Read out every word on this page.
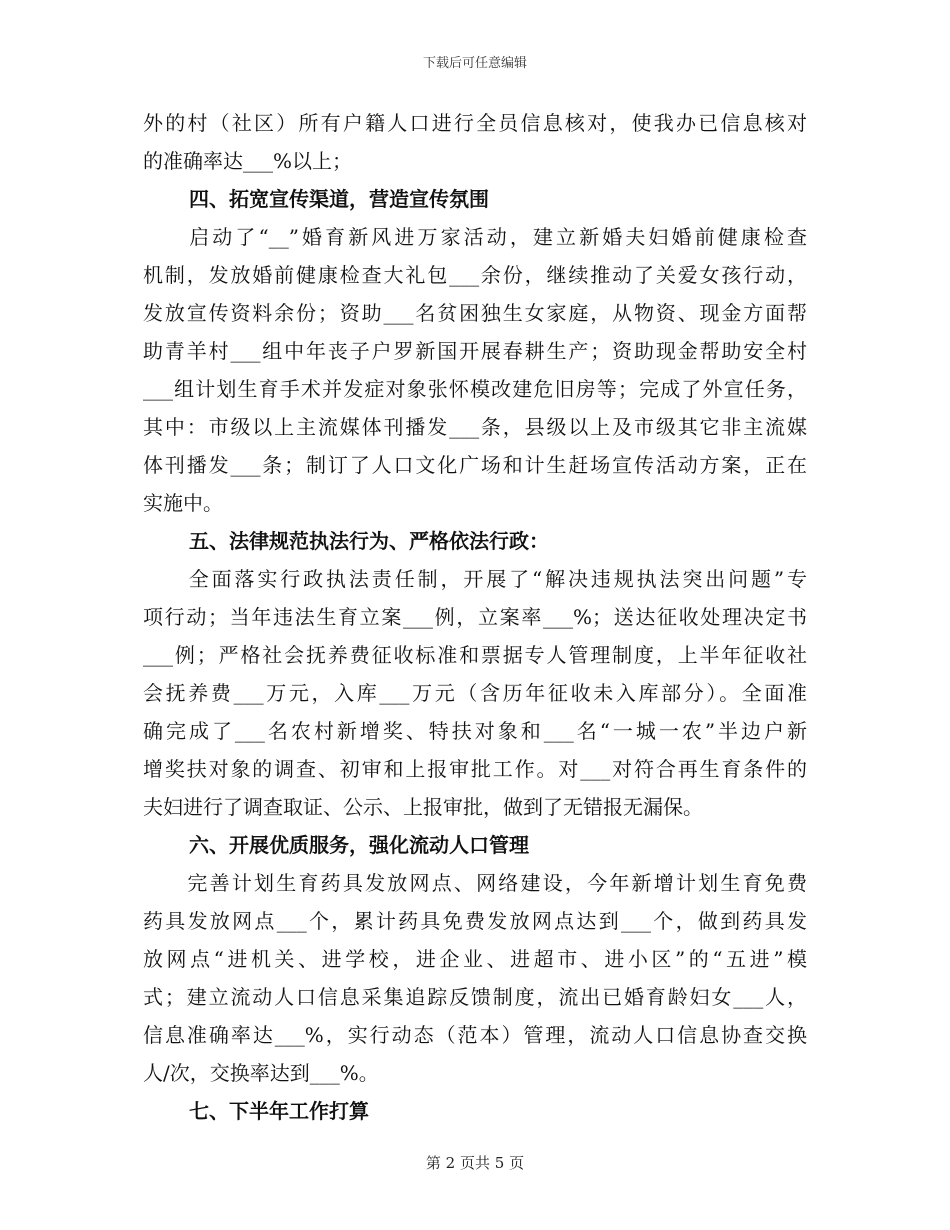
下载后可任意编辑
外的村（社区）所有户籍人口进行全员信息核对，使我办已信息核对
的准确率达___%以上；
四、拓宽宣传渠道，营造宣传氛围
　　启动了“__”婚育新风进万家活动，建立新婚夫妇婚前健康检查
机制，发放婚前健康检查大礼包___余份，继续推动了关爱女孩行动，
发放宣传资料余份；资助___名贫困独生女家庭，从物资、现金方面帮
助青羊村___组中年丧子户罗新国开展春耕生产；资助现金帮助安全村
___组计划生育手术并发症对象张怀模改建危旧房等；完成了外宣任务，
其中：市级以上主流媒体刊播发___条，县级以上及市级其它非主流媒
体刊播发___条；制订了人口文化广场和计生赶场宣传活动方案，正在
实施中。
五、法律规范执法行为、严格依法行政：
　　全面落实行政执法责任制，开展了“解决违规执法突出问题”专
项行动；当年违法生育立案___例，立案率___%；送达征收处理决定书
___例；严格社会抚养费征收标准和票据专人管理制度，上半年征收社
会抚养费___万元，入库___万元（含历年征收未入库部分）。全面准
确完成了___名农村新增奖、特扶对象和___名“一城一农”半边户新
增奖扶对象的调查、初审和上报审批工作。对___对符合再生育条件的
夫妇进行了调查取证、公示、上报审批，做到了无错报无漏保。
六、开展优质服务，强化流动人口管理
　　完善计划生育药具发放网点、网络建设，今年新增计划生育免费
药具发放网点___个，累计药具免费发放网点达到___个，做到药具发
放网点“进机关、进学校，进企业、进超市、进小区”的“五进”模
式；建立流动人口信息采集追踪反馈制度，流出已婚育龄妇女___人，
信息准确率达___%，实行动态（范本）管理，流动人口信息协查交换
人/次，交换率达到___%。
七、下半年工作打算
第 2 页共 5 页
